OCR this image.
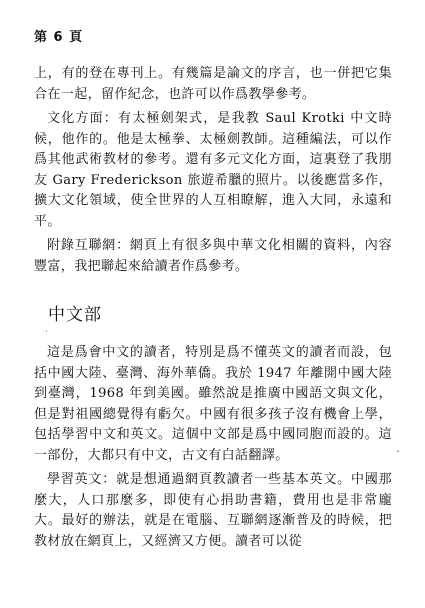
第 6 頁

上，有的登在專刊上。有幾篇是論文的序言，也一併把它集合在一起，留作紀念，也許可以作爲教學參考。

文化方面：有太極劍架式，是我教 Saul Krotki 中文時候，他作的。他是太極拳、太極劍教師。這種編法，可以作爲其他武術教材的參考。還有多元文化方面，這裏登了我朋友 Gary Frederickson 旅遊希臘的照片。以後應當多作，擴大文化領域，使全世界的人互相瞭解，進入大同，永遠和平。

附錄互聯網：網頁上有很多與中華文化相關的資料，內容豐富，我把聯起來給讀者作爲參考。

中文部
ˊ

這是爲會中文的讀者，特別是爲不懂英文的讀者而設，包括中國大陸、臺灣、海外華僑。我於 1947 年離開中國大陸到臺灣，1968 年到美國。雖然說是推廣中國語文與文化，但是對祖國總覺得有虧欠。中國有很多孩子沒有機會上學，包括學習中文和英文。這個中文部是爲中國同胞而設的。這一部份，大都只有中文，古文有白話翻譯。

學習英文：就是想通過網頁教讀者一些基本英文。中國那麼大，人口那麼多，即使有心捐助書籍，費用也是非常龐大。最好的辦法，就是在電腦、互聯網逐漸普及的時候，把教材放在網頁上，又經濟又方便。讀者可以從

ˆ
